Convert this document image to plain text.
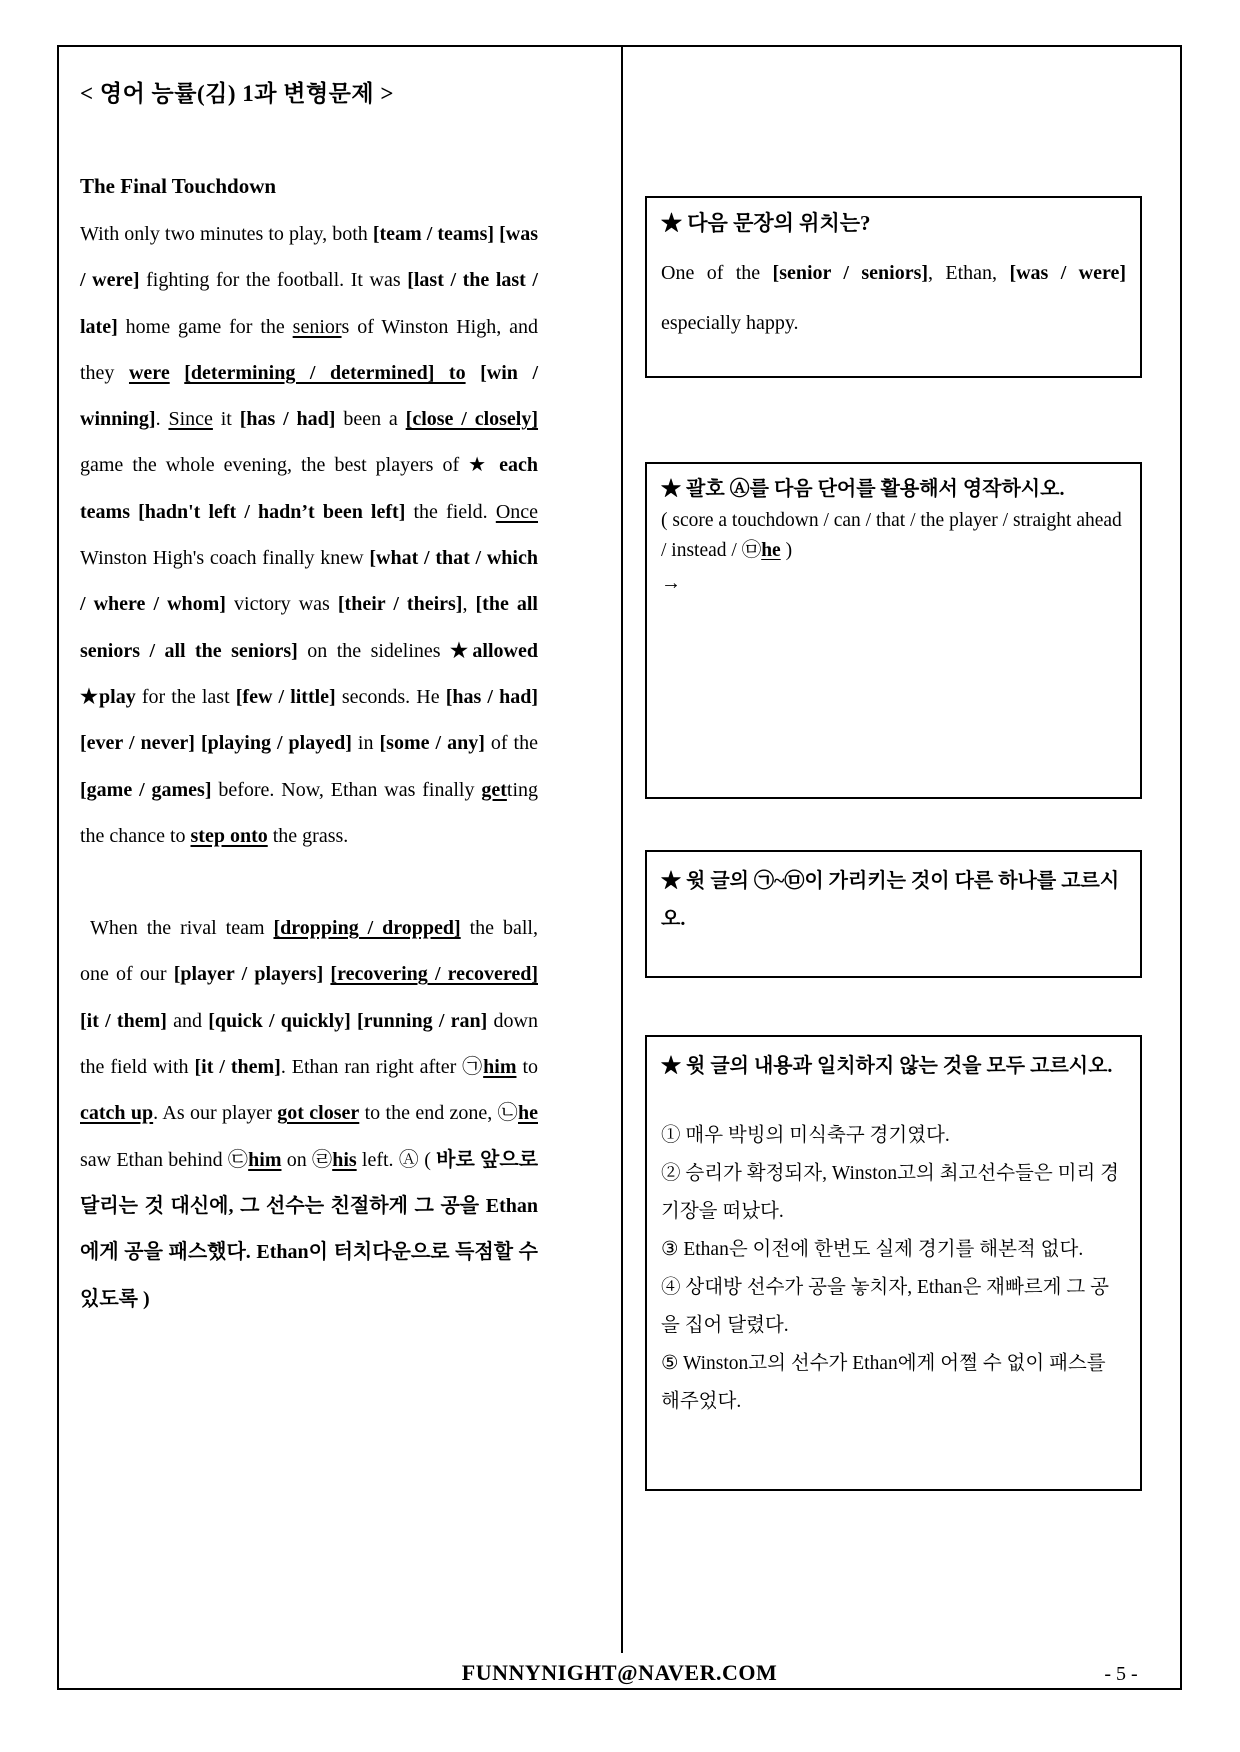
< 영어 능률(김) 1과 변형문제 >
The Final Touchdown

With only two minutes to play, both [team / teams] [was / were] fighting for the football. It was [last / the last / late] home game for the seniors of Winston High, and they were [determining / determined] to [win / winning]. Since it [has / had] been a [close / closely] game the whole evening, the best players of ★ each teams [hadn't left / hadn’t been left] the field. Once Winston High's coach finally knew [what / that / which / where / whom] victory was [their / theirs], [the all seniors / all the seniors] on the sidelines ★allowed ★play for the last [few / little] seconds. He [has / had] [ever / never] [playing / played] in [some / any] of the [game / games] before. Now, Ethan was finally getting the chance to step onto the grass.

When the rival team [dropping / dropped] the ball, one of our [player / players] [recovering / recovered] [it / them] and [quick / quickly] [running / ran] down the field with [it / them]. Ethan ran right after ㉠him to catch up. As our player got closer to the end zone, ㉡he saw Ethan behind ㉢him on ㉣his left. Ⓐ ( 바로 앞으로 달리는 것 대신에, 그 선수는 친절하게 그 공을 Ethan에게 공을 패스했다. Ethan이 터치다운으로 득점할 수 있도록 )

★ 다음 문장의 위치는?

One of the [senior / seniors], Ethan, [was / were] especially happy.

★ 괄호 Ⓐ를 다음 단어를 활용해서 영작하시오.
( score a touchdown / can / that / the player / straight ahead / instead / ㉤he )
→
★ 윗 글의 ㉠~㉤이 가리키는 것이 다른 하나를 고르시오.
★ 윗 글의 내용과 일치하지 않는 것을 모두 고르시오.
① 매우 박빙의 미식축구 경기였다.
② 승리가 확정되자, Winston고의 최고선수들은 미리 경기장을 떠났다.
③ Ethan은 이전에 한번도 실제 경기를 해본적 없다.
④ 상대방 선수가 공을 놓치자, Ethan은 재빠르게 그 공을 집어 달렸다.
⑤ Winston고의 선수가 Ethan에게 어쩔 수 없이 패스를 해주었다.
FUNNYNIGHT@NAVER.COM	- 5 -
